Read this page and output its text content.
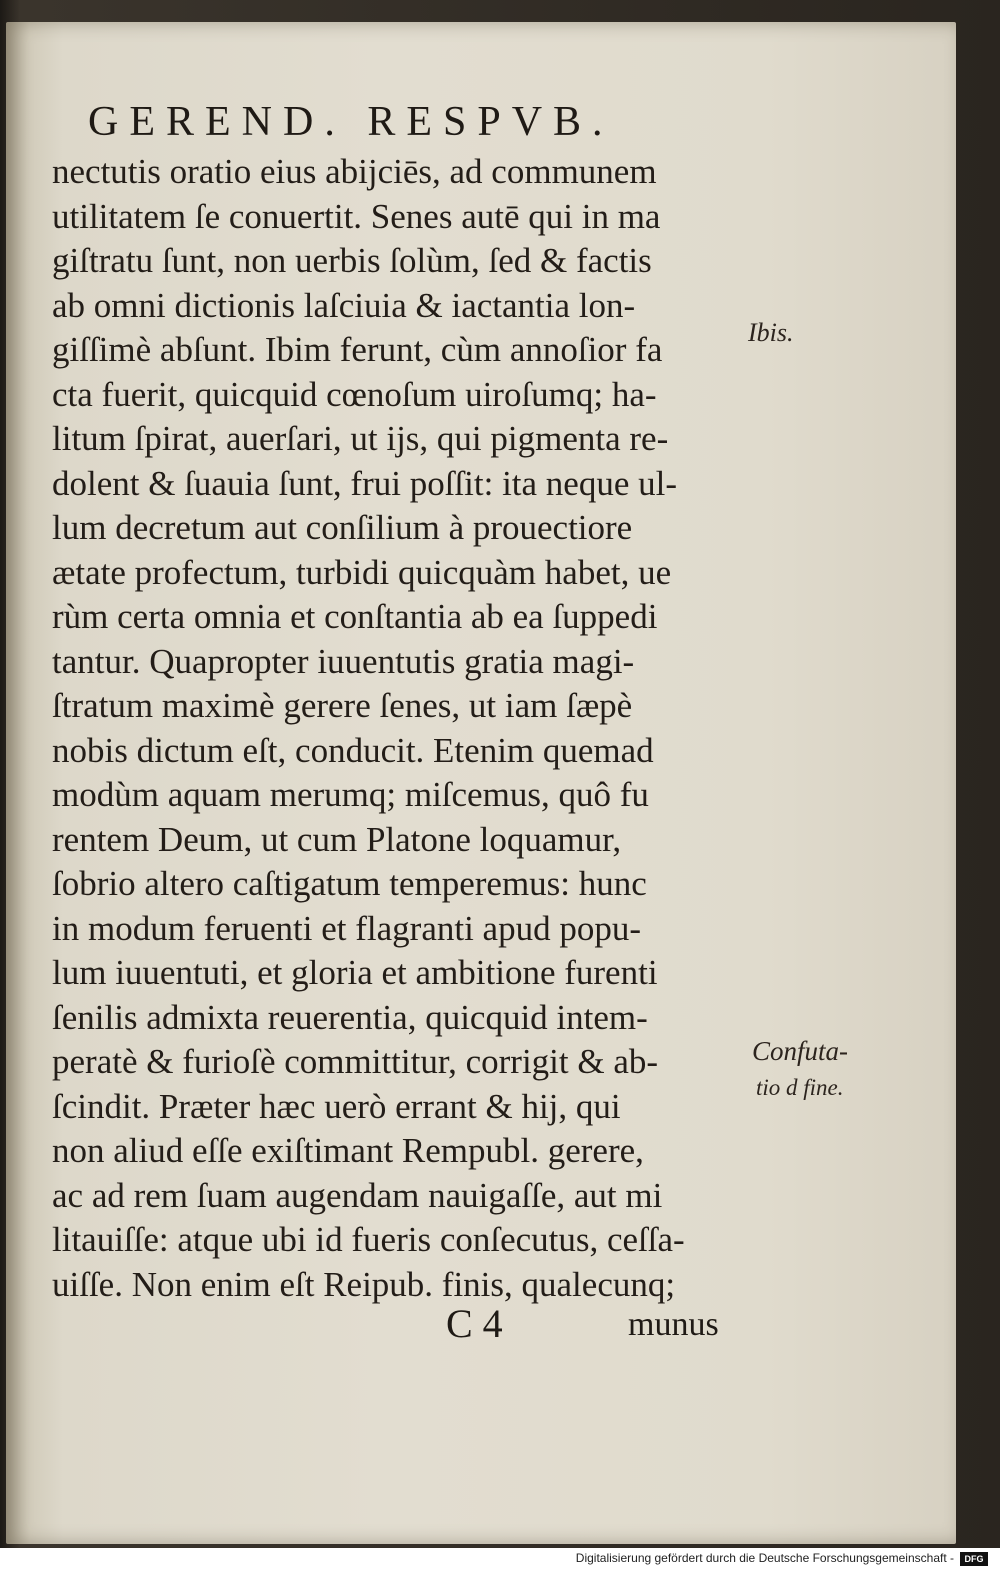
GEREND. RESPVB.
nectutis oratio eius abijciēs, ad communem
utilitatem ſe conuertit. Senes autē qui in ma
giſtratu ſunt, non uerbis ſolùm, ſed & factis
ab omni dictionis laſciuia & iactantia lon-
giſſimè abſunt. Ibim ferunt, cùm annoſior fa
cta fuerit, quicquid cœnoſum uiroſumq; ha-
litum ſpirat, auerſari, ut ijs, qui pigmenta re-
dolent & ſuauia ſunt, frui poſſit: ita neque ul-
lum decretum aut conſilium à prouectiore
ætate profectum, turbidi quicquàm habet, ue
rùm certa omnia et conſtantia ab ea ſuppedi
tantur. Quapropter iuuentutis gratia magi-
ſtratum maximè gerere ſenes, ut iam ſæpè
nobis dictum eſt, conducit. Etenim quemad
modùm aquam merumq; miſcemus, quô fu
rentem Deum, ut cum Platone loquamur,
ſobrio altero caſtigatum temperemus: hunc
in modum feruenti et flagranti apud popu-
lum iuuentuti, et gloria et ambitione furenti
ſenilis admixta reuerentia, quicquid intem-
peratè & furioſè committitur, corrigit & ab-
ſcindit. Præter hæc uerò errant & hij, qui
non aliud eſſe exiſtimant Rempubl. gerere,
ac ad rem ſuam augendam nauigaſſe, aut mi
litauiſſe: atque ubi id fueris conſecutus, ceſſa-
uiſſe. Non enim eſt Reipub. finis, qualecunq;
Ibis.
Confuta-
tio d fine.
C 4	munus
Digitalisierung gefördert durch die Deutsche Forschungsgemeinschaft -	DFG
